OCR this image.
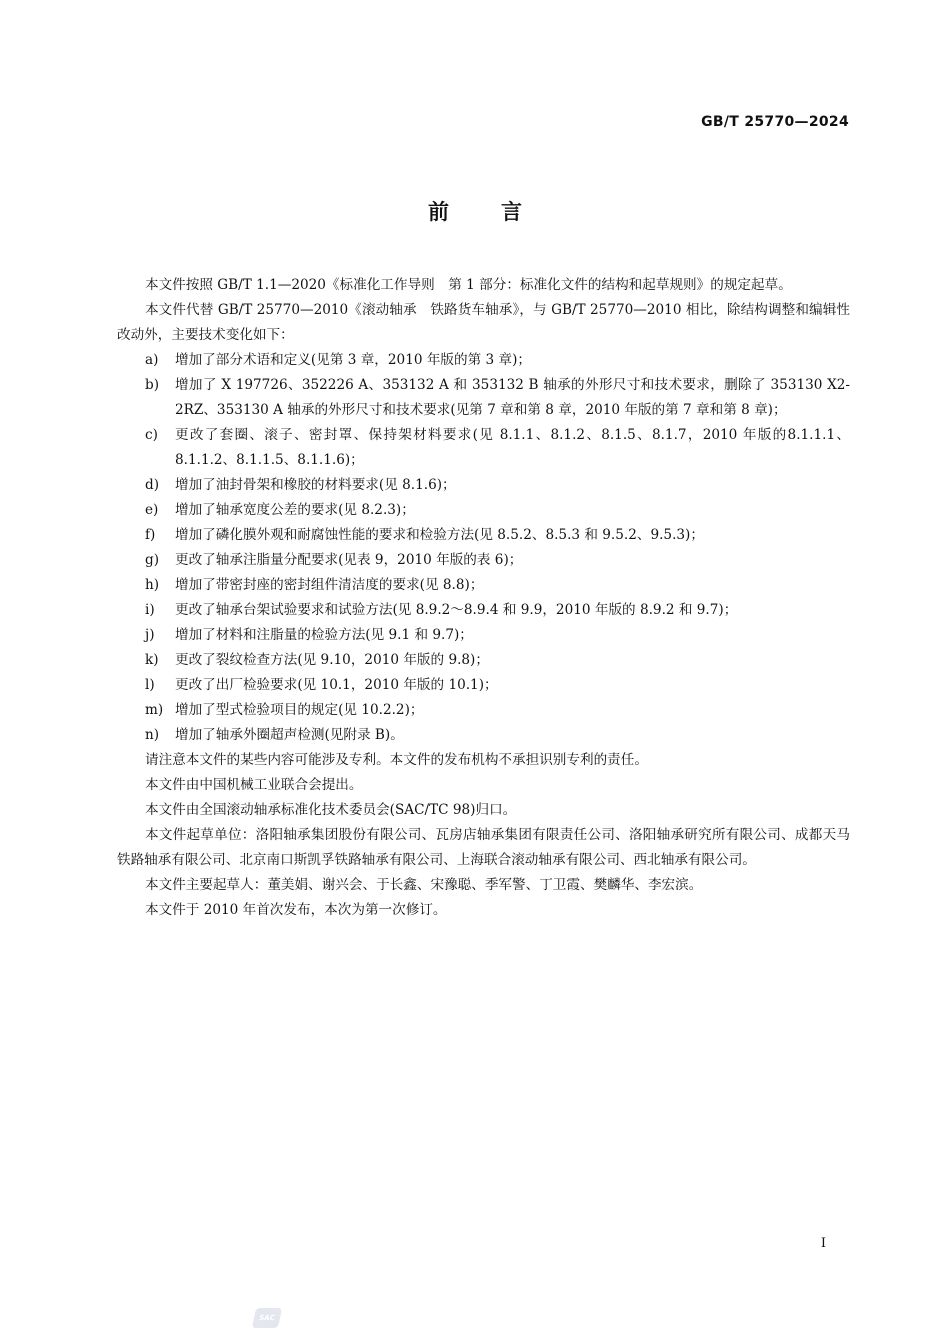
GB/T 25770—2024
前言

本文件按照 GB/T 1.1—2020《标准化工作导则　第 1 部分：标准化文件的结构和起草规则》的规定起草。

本文件代替 GB/T 25770—2010《滚动轴承　铁路货车轴承》，与 GB/T 25770—2010 相比，除结构调整和编辑性改动外，主要技术变化如下：

a) 增加了部分术语和定义(见第 3 章，2010 年版的第 3 章)；
b) 增加了 X 197726、352226 A、353132 A 和 353132 B 轴承的外形尺寸和技术要求，删除了 353130 X2-2RZ、353130 A 轴承的外形尺寸和技术要求(见第 7 章和第 8 章，2010 年版的第 7 章和第 8 章)；
c) 更改了套圈、滚子、密封罩、保持架材料要求(见 8.1.1、8.1.2、8.1.5、8.1.7，2010 年版的8.1.1.1、8.1.1.2、8.1.1.5、8.1.1.6)；
d) 增加了油封骨架和橡胶的材料要求(见 8.1.6)；
e) 增加了轴承宽度公差的要求(见 8.2.3)；
f) 增加了磷化膜外观和耐腐蚀性能的要求和检验方法(见 8.5.2、8.5.3 和 9.5.2、9.5.3)；
g) 更改了轴承注脂量分配要求(见表 9，2010 年版的表 6)；
h) 增加了带密封座的密封组件清洁度的要求(见 8.8)；
i) 更改了轴承台架试验要求和试验方法(见 8.9.2～8.9.4 和 9.9，2010 年版的 8.9.2 和 9.7)；
j) 增加了材料和注脂量的检验方法(见 9.1 和 9.7)；
k) 更改了裂纹检查方法(见 9.10，2010 年版的 9.8)；
l) 更改了出厂检验要求(见 10.1，2010 年版的 10.1)；
m) 增加了型式检验项目的规定(见 10.2.2)；
n) 增加了轴承外圈超声检测(见附录 B)。

请注意本文件的某些内容可能涉及专利。本文件的发布机构不承担识别专利的责任。

本文件由中国机械工业联合会提出。

本文件由全国滚动轴承标准化技术委员会(SAC/TC 98)归口。

本文件起草单位：洛阳轴承集团股份有限公司、瓦房店轴承集团有限责任公司、洛阳轴承研究所有限公司、成都天马铁路轴承有限公司、北京南口斯凯孚铁路轴承有限公司、上海联合滚动轴承有限公司、西北轴承有限公司。

本文件主要起草人：董美娟、谢兴会、于长鑫、宋豫聪、季军警、丁卫霞、樊麟华、李宏滨。

本文件于 2010 年首次发布，本次为第一次修订。

I
SAC
